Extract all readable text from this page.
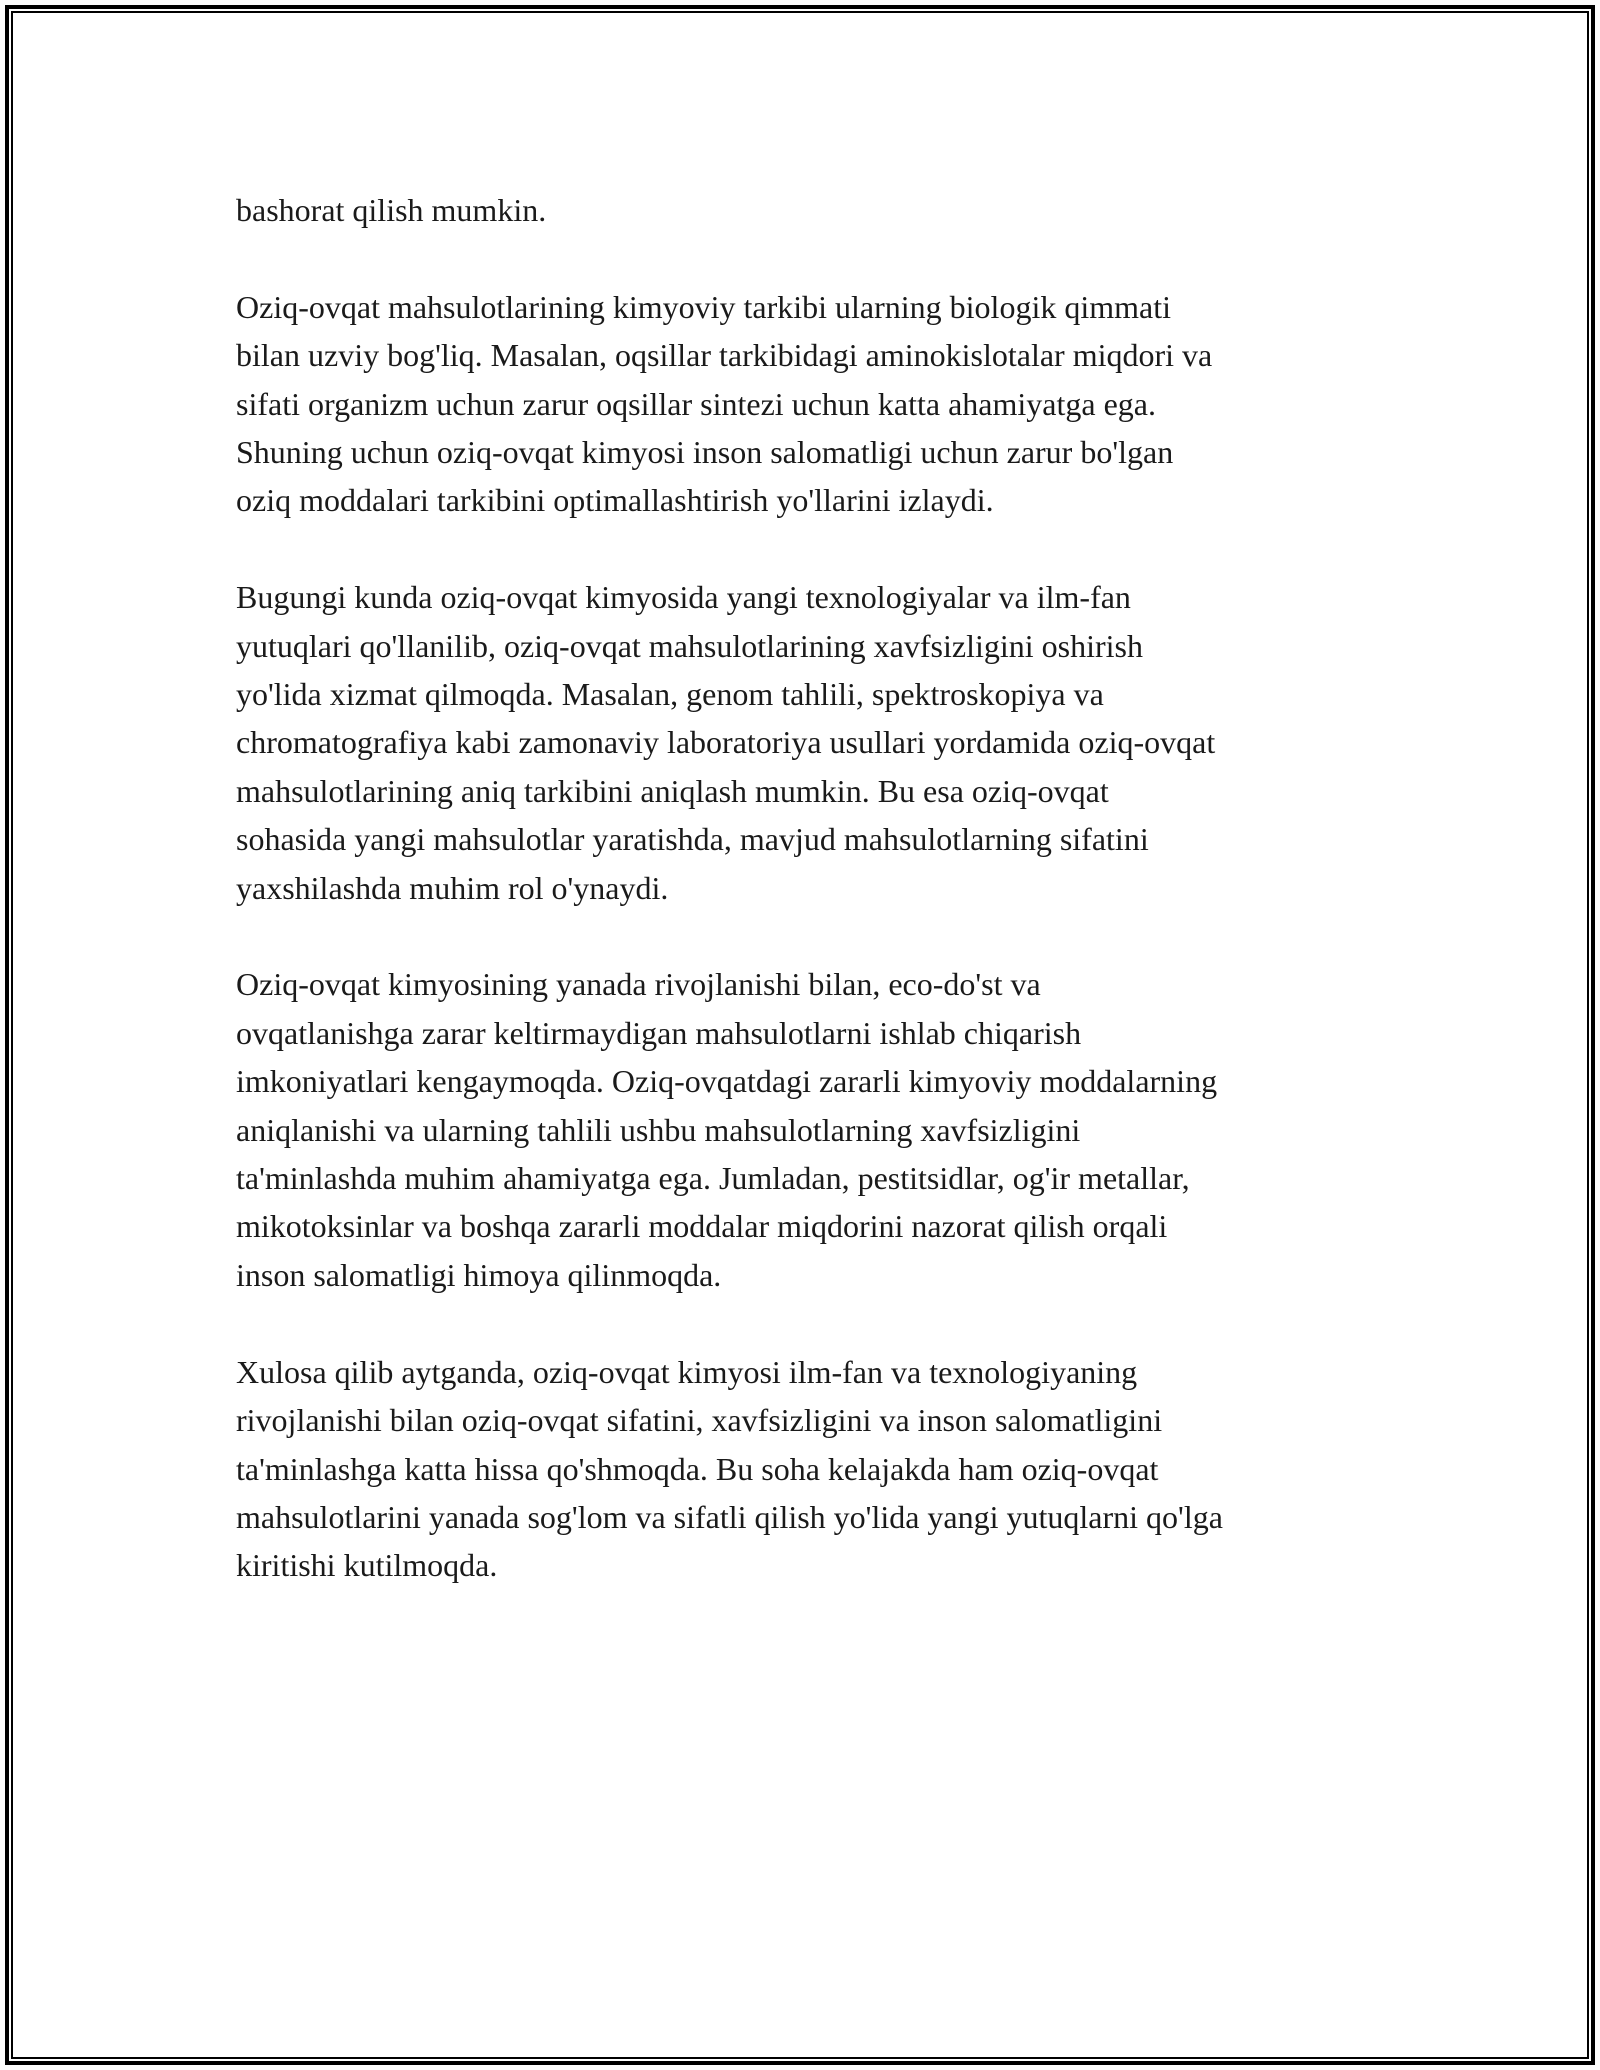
bashorat qilish mumkin.

Oziq-ovqat mahsulotlarining kimyoviy tarkibi ularning biologik qimmati
bilan uzviy bog'liq. Masalan, oqsillar tarkibidagi aminokislotalar miqdori va
sifati organizm uchun zarur oqsillar sintezi uchun katta ahamiyatga ega.
Shuning uchun oziq-ovqat kimyosi inson salomatligi uchun zarur bo'lgan
oziq moddalari tarkibini optimallashtirish yo'llarini izlaydi.

Bugungi kunda oziq-ovqat kimyosida yangi texnologiyalar va ilm-fan
yutuqlari qo'llanilib, oziq-ovqat mahsulotlarining xavfsizligini oshirish
yo'lida xizmat qilmoqda. Masalan, genom tahlili, spektroskopiya va
chromatografiya kabi zamonaviy laboratoriya usullari yordamida oziq-ovqat
mahsulotlarining aniq tarkibini aniqlash mumkin. Bu esa oziq-ovqat
sohasida yangi mahsulotlar yaratishda, mavjud mahsulotlarning sifatini
yaxshilashda muhim rol o'ynaydi.

Oziq-ovqat kimyosining yanada rivojlanishi bilan, eco-do'st va
ovqatlanishga zarar keltirmaydigan mahsulotlarni ishlab chiqarish
imkoniyatlari kengaymoqda. Oziq-ovqatdagi zararli kimyoviy moddalarning
aniqlanishi va ularning tahlili ushbu mahsulotlarning xavfsizligini
ta'minlashda muhim ahamiyatga ega. Jumladan, pestitsidlar, og'ir metallar,
mikotoksinlar va boshqa zararli moddalar miqdorini nazorat qilish orqali
inson salomatligi himoya qilinmoqda.

Xulosa qilib aytganda, oziq-ovqat kimyosi ilm-fan va texnologiyaning
rivojlanishi bilan oziq-ovqat sifatini, xavfsizligini va inson salomatligini
ta'minlashga katta hissa qo'shmoqda. Bu soha kelajakda ham oziq-ovqat
mahsulotlarini yanada sog'lom va sifatli qilish yo'lida yangi yutuqlarni qo'lga
kiritishi kutilmoqda.
